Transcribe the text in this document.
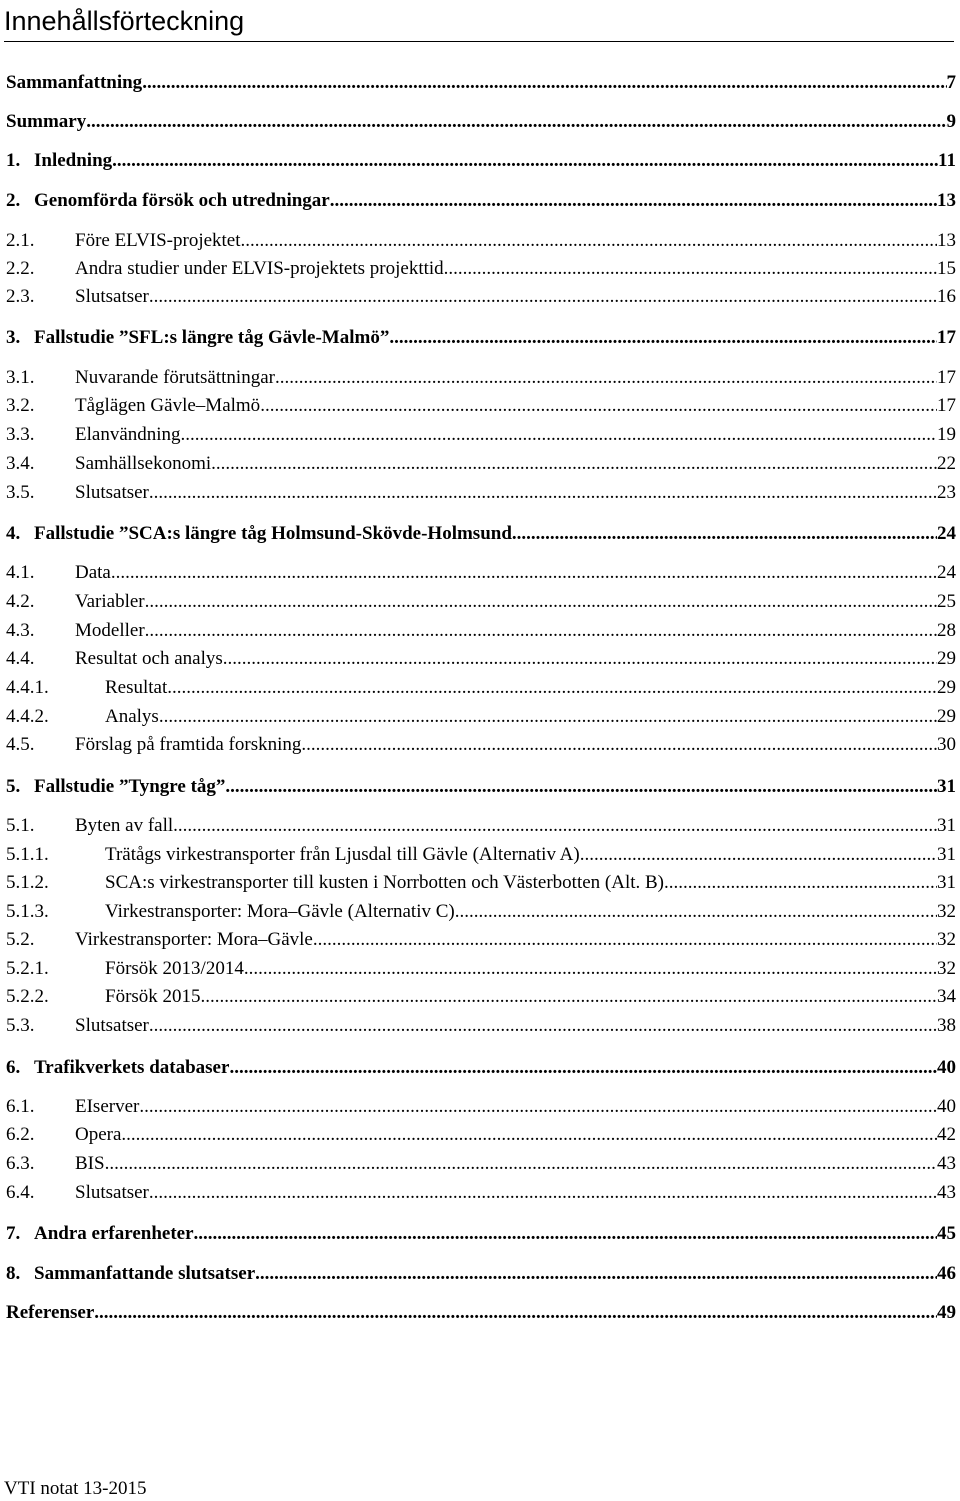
Innehållsförteckning
Sammanfattning .....	7
Summary .....	9
1. Inledning .....	11
2. Genomförda försök och utredningar .....	13
2.1.	Före ELVIS-projektet .....	13
2.2.	Andra studier under ELVIS-projektets projekttid .....	15
2.3.	Slutsatser .....	16
3. Fallstudie ”SFL:s längre tåg Gävle-Malmö” .....	17
3.1.	Nuvarande förutsättningar .....	17
3.2.	Tåglägen Gävle–Malmö .....	17
3.3.	Elanvändning .....	19
3.4.	Samhällsekonomi .....	22
3.5.	Slutsatser .....	23
4. Fallstudie ”SCA:s längre tåg Holmsund-Skövde-Holmsund .....	24
4.1.	Data .....	24
4.2.	Variabler .....	25
4.3.	Modeller .....	28
4.4.	Resultat och analys .....	29
4.4.1.	Resultat .....	29
4.4.2.	Analys .....	29
4.5.	Förslag på framtida forskning .....	30
5. Fallstudie ”Tyngre tåg” .....	31
5.1.	Byten av fall .....	31
5.1.1.	Trätågs virkestransporter från Ljusdal till Gävle (Alternativ A) .....	31
5.1.2.	SCA:s virkestransporter till kusten i Norrbotten och Västerbotten (Alt. B) .....	31
5.1.3.	Virkestransporter: Mora–Gävle (Alternativ C) .....	32
5.2.	Virkestransporter: Mora–Gävle .....	32
5.2.1.	Försök 2013/2014 .....	32
5.2.2.	Försök 2015 .....	34
5.3.	Slutsatser .....	38
6. Trafikverkets databaser .....	40
6.1.	EIserver .....	40
6.2.	Opera .....	42
6.3.	BIS .....	43
6.4.	Slutsatser .....	43
7. Andra erfarenheter .....	45
8. Sammanfattande slutsatser .....	46
Referenser .....	49
VTI notat 13-2015
